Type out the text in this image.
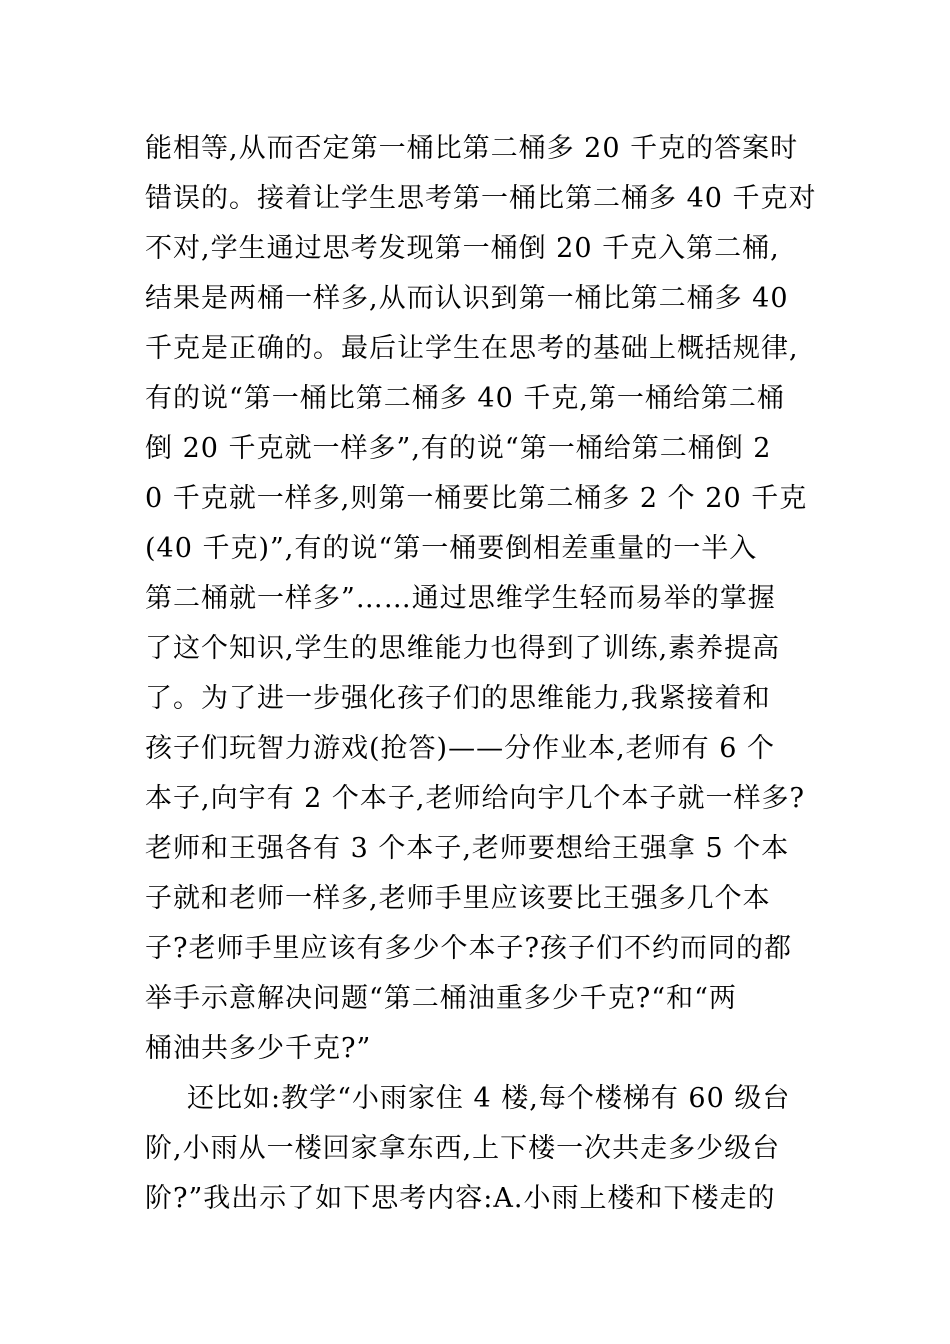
能相等,从而否定第一桶比第二桶多 20 千克的答案时
错误的。接着让学生思考第一桶比第二桶多 40 千克对
不对,学生通过思考发现第一桶倒 20 千克入第二桶,
结果是两桶一样多,从而认识到第一桶比第二桶多 40
千克是正确的。最后让学生在思考的基础上概括规律,
有的说“第一桶比第二桶多 40 千克,第一桶给第二桶
倒 20 千克就一样多”,有的说“第一桶给第二桶倒 2
0 千克就一样多,则第一桶要比第二桶多 2 个 20 千克
(40 千克)”,有的说“第一桶要倒相差重量的一半入
第二桶就一样多”……通过思维学生轻而易举的掌握
了这个知识,学生的思维能力也得到了训练,素养提高
了。为了进一步强化孩子们的思维能力,我紧接着和
孩子们玩智力游戏(抢答)——分作业本,老师有 6 个
本子,向宇有 2 个本子,老师给向宇几个本子就一样多?
老师和王强各有 3 个本子,老师要想给王强拿 5 个本
子就和老师一样多,老师手里应该要比王强多几个本
子?老师手里应该有多少个本子?孩子们不约而同的都
举手示意解决问题“第二桶油重多少千克?“和“两
桶油共多少千克?”
还比如:教学“小雨家住 4 楼,每个楼梯有 60 级台
阶,小雨从一楼回家拿东西,上下楼一次共走多少级台
阶?”我出示了如下思考内容:A.小雨上楼和下楼走的
